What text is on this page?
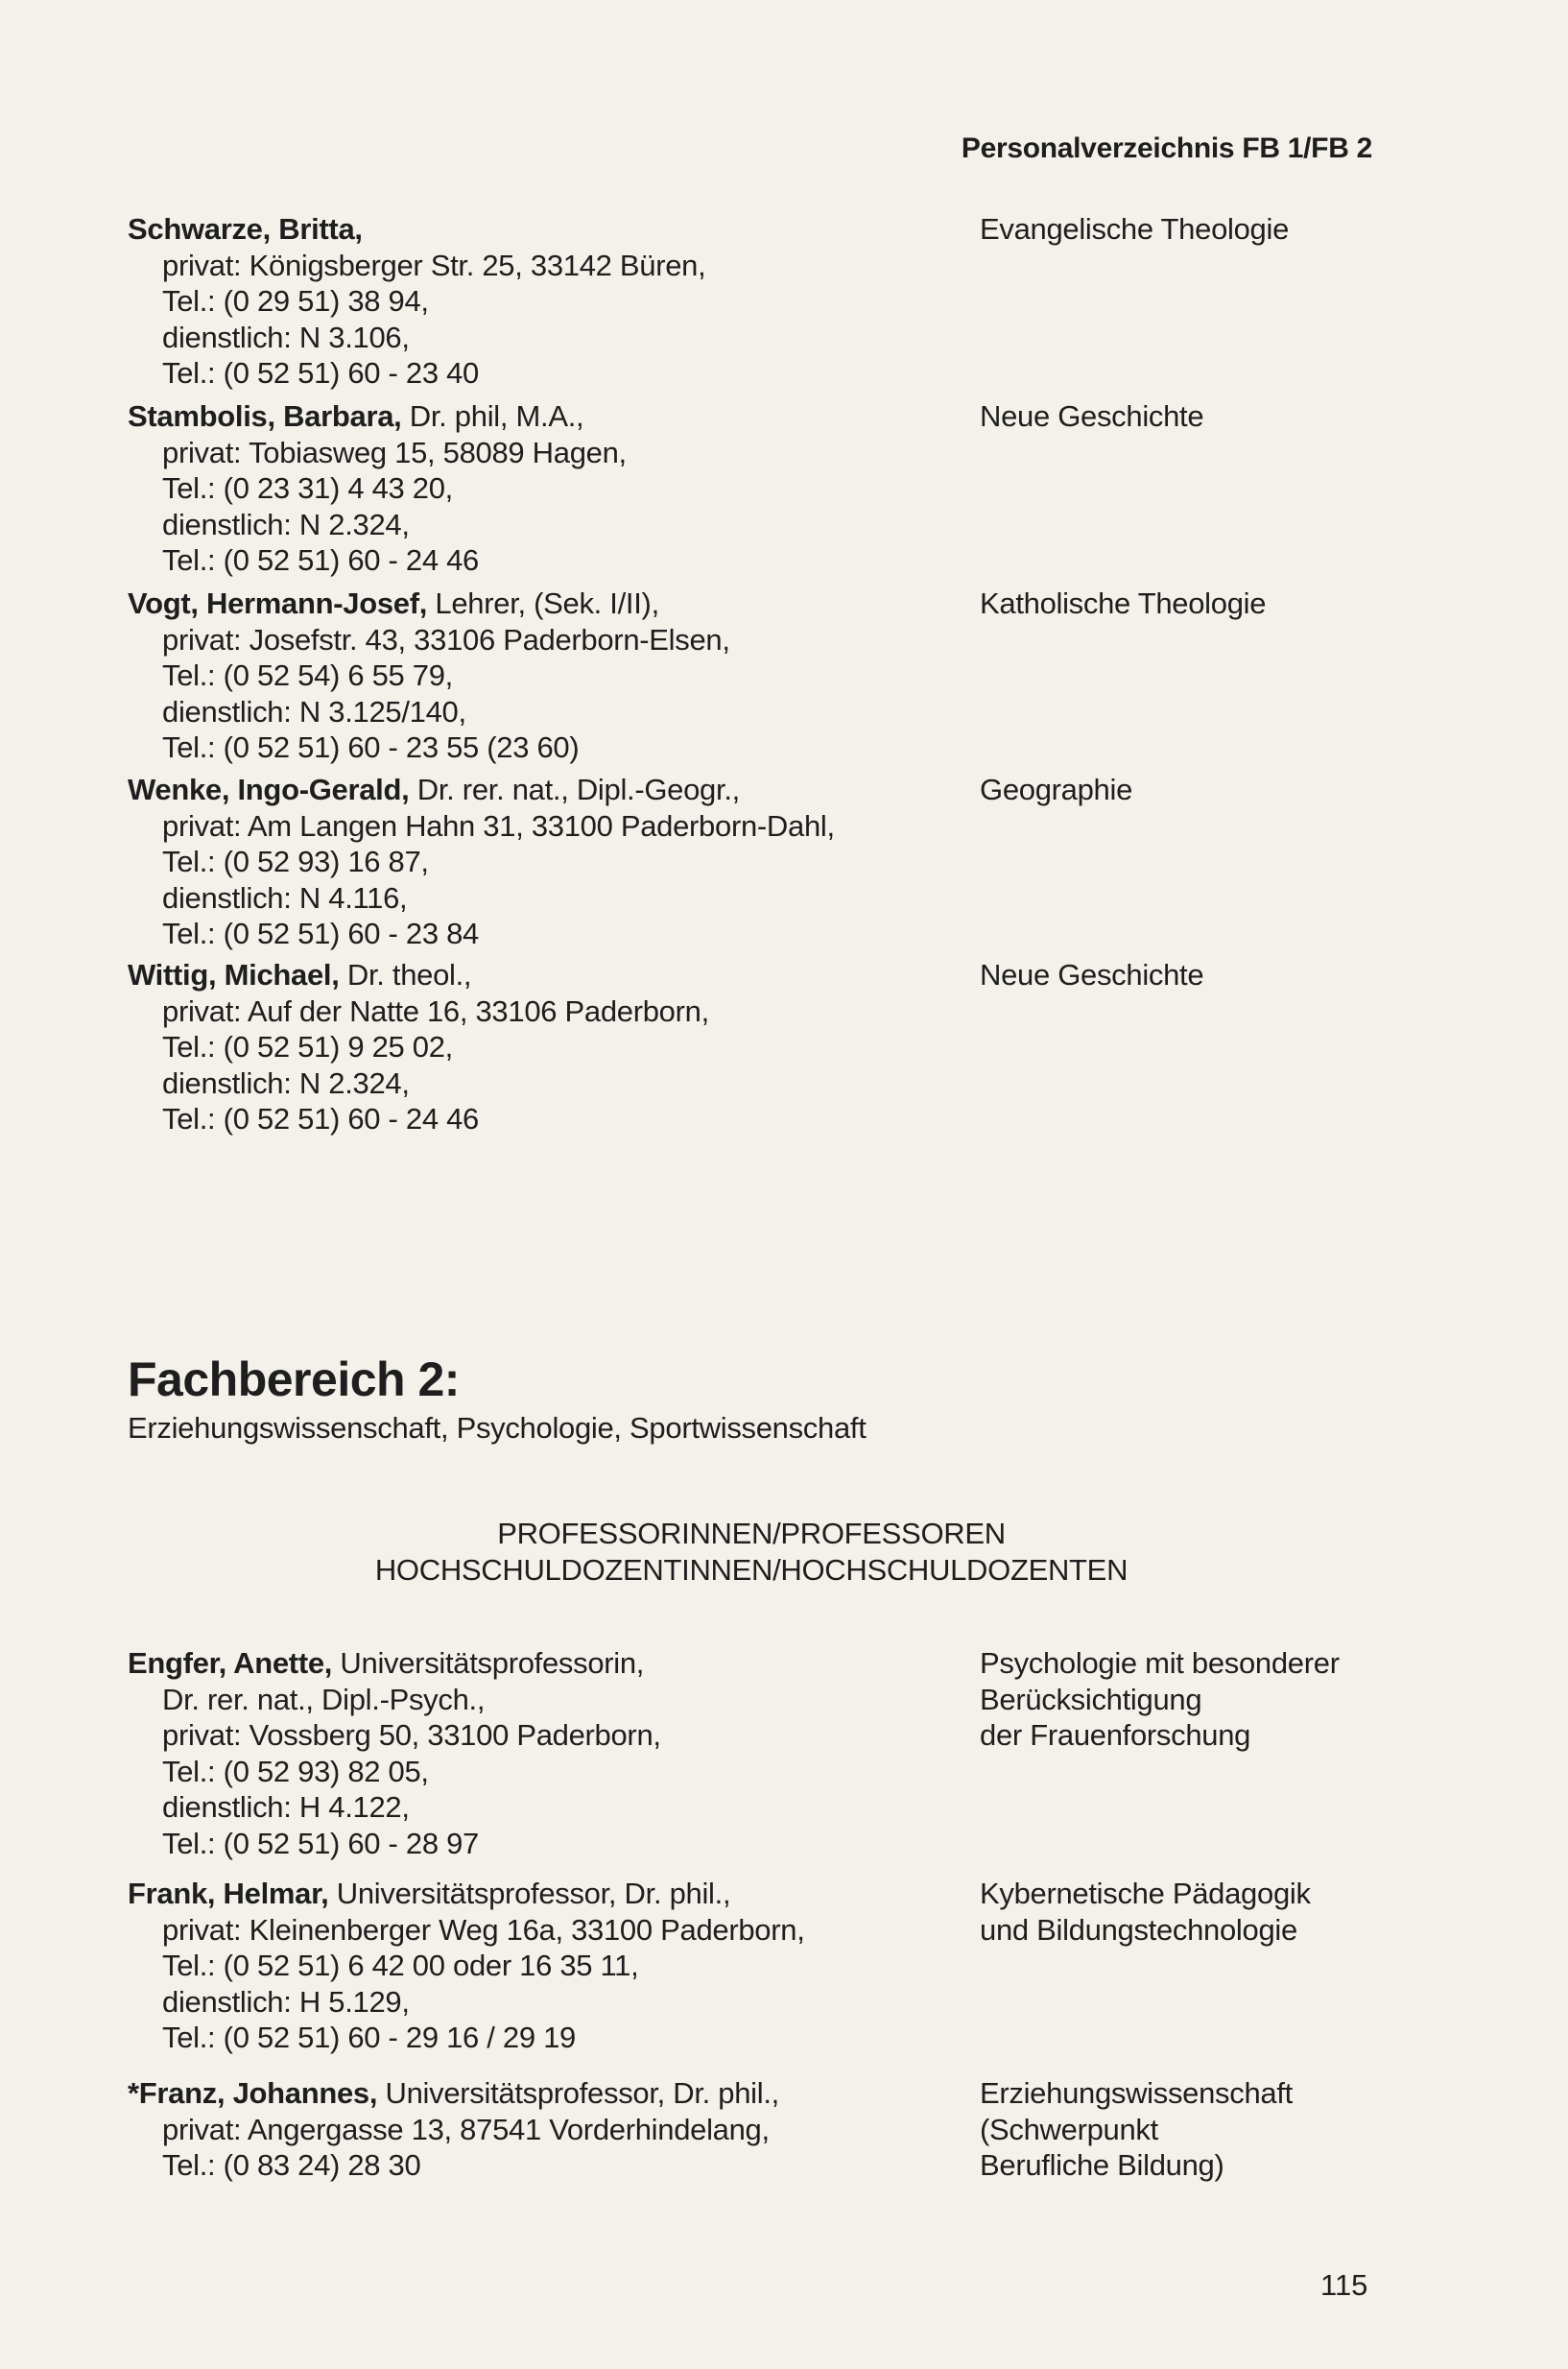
Personalverzeichnis FB 1/FB 2
Schwarze, Britta,
privat: Königsberger Str. 25, 33142 Büren,
Tel.: (0 29 51) 38 94,
dienstlich: N 3.106,
Tel.: (0 52 51) 60 - 23 40
Evangelische Theologie
Stambolis, Barbara, Dr. phil, M.A.,
privat: Tobiasweg 15, 58089 Hagen,
Tel.: (0 23 31) 4 43 20,
dienstlich: N 2.324,
Tel.: (0 52 51) 60 - 24 46
Neue Geschichte
Vogt, Hermann-Josef, Lehrer, (Sek. I/II),
privat: Josefstr. 43, 33106 Paderborn-Elsen,
Tel.: (0 52 54) 6 55 79,
dienstlich: N 3.125/140,
Tel.: (0 52 51) 60 - 23 55 (23 60)
Katholische Theologie
Wenke, Ingo-Gerald, Dr. rer. nat., Dipl.-Geogr.,
privat: Am Langen Hahn 31, 33100 Paderborn-Dahl,
Tel.: (0 52 93) 16 87,
dienstlich: N 4.116,
Tel.: (0 52 51) 60 - 23 84
Geographie
Wittig, Michael, Dr. theol.,
privat: Auf der Natte 16, 33106 Paderborn,
Tel.: (0 52 51) 9 25 02,
dienstlich: N 2.324,
Tel.: (0 52 51) 60 - 24 46
Neue Geschichte
Fachbereich 2:
Erziehungswissenschaft, Psychologie, Sportwissenschaft
PROFESSORINNEN/PROFESSOREN
HOCHSCHULDOZENTINNEN/HOCHSCHULDOZENTEN
Engfer, Anette, Universitätsprofessorin,
Dr. rer. nat., Dipl.-Psych.,
privat: Vossberg 50, 33100 Paderborn,
Tel.: (0 52 93) 82 05,
dienstlich: H 4.122,
Tel.: (0 52 51) 60 - 28 97
Psychologie mit besonderer
Berücksichtigung
der Frauenforschung
Frank, Helmar, Universitätsprofessor, Dr. phil.,
privat: Kleinenberger Weg 16a, 33100 Paderborn,
Tel.: (0 52 51) 6 42 00 oder 16 35 11,
dienstlich: H 5.129,
Tel.: (0 52 51) 60 - 29 16 / 29 19
Kybernetische Pädagogik
und Bildungstechnologie
*Franz, Johannes, Universitätsprofessor, Dr. phil.,
privat: Angergasse 13, 87541 Vorderhindelang,
Tel.: (0 83 24) 28 30
Erziehungswissenschaft
(Schwerpunkt
Berufliche Bildung)
115
